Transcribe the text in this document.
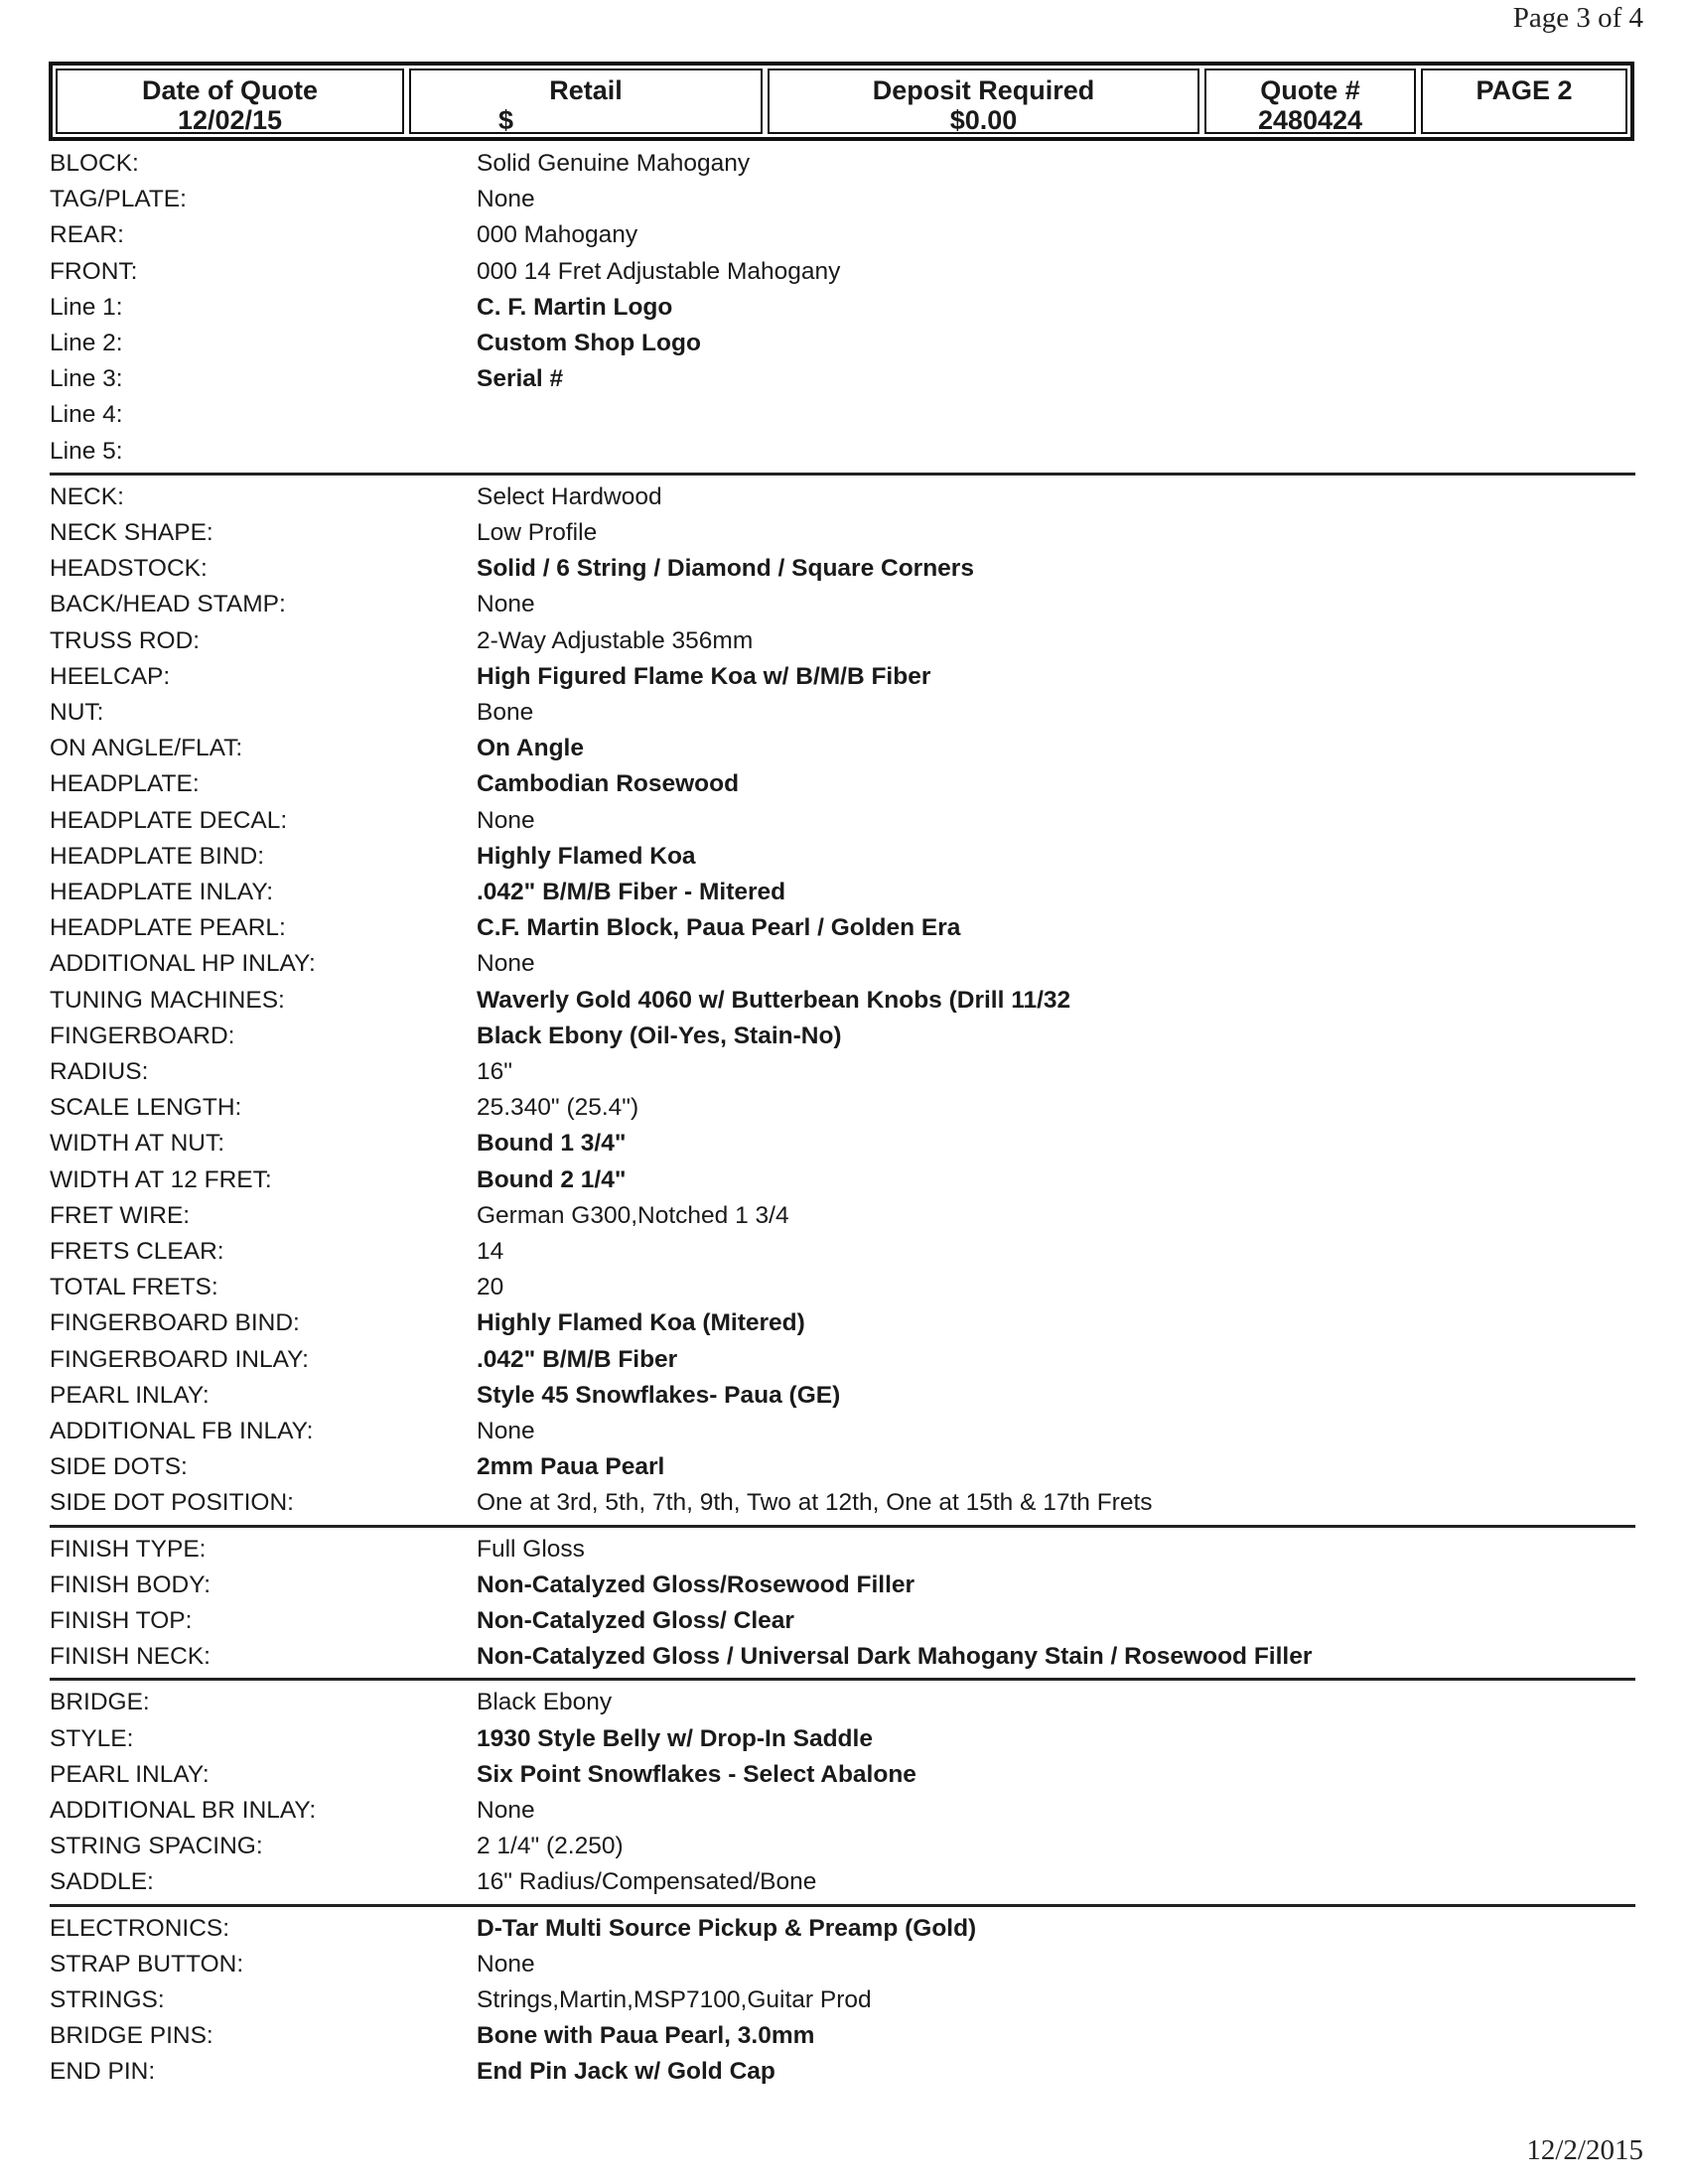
Page 3 of 4
Date of Quote
12/02/15
Retail
$
Deposit Required
$0.00
Quote #
2480424
PAGE 2
BLOCK:	Solid Genuine Mahogany
TAG/PLATE:	None
REAR:	000 Mahogany
FRONT:	000 14 Fret Adjustable Mahogany
Line 1:	C. F. Martin Logo
Line 2:	Custom Shop Logo
Line 3:	Serial #
Line 4:
Line 5:
NECK:	Select Hardwood
NECK SHAPE:	Low Profile
HEADSTOCK:	Solid / 6 String / Diamond / Square Corners
BACK/HEAD STAMP:	None
TRUSS ROD:	2-Way Adjustable 356mm
HEELCAP:	High Figured Flame Koa w/ B/M/B Fiber
NUT:	Bone
ON ANGLE/FLAT:	On Angle
HEADPLATE:	Cambodian Rosewood
HEADPLATE DECAL:	None
HEADPLATE BIND:	Highly Flamed Koa
HEADPLATE INLAY:	.042" B/M/B Fiber - Mitered
HEADPLATE PEARL:	C.F. Martin Block, Paua Pearl / Golden Era
ADDITIONAL HP INLAY:	None
TUNING MACHINES:	Waverly Gold 4060 w/ Butterbean Knobs (Drill 11/32
FINGERBOARD:	Black Ebony (Oil-Yes, Stain-No)
RADIUS:	16"
SCALE LENGTH:	25.340" (25.4")
WIDTH AT NUT:	Bound 1 3/4"
WIDTH AT 12 FRET:	Bound 2 1/4"
FRET WIRE:	German G300,Notched 1 3/4
FRETS CLEAR:	14
TOTAL FRETS:	20
FINGERBOARD BIND:	Highly Flamed Koa (Mitered)
FINGERBOARD INLAY:	.042" B/M/B Fiber
PEARL INLAY:	Style 45 Snowflakes- Paua (GE)
ADDITIONAL FB INLAY:	None
SIDE DOTS:	2mm Paua Pearl
SIDE DOT POSITION:	One at 3rd, 5th, 7th, 9th, Two at 12th, One at 15th & 17th Frets
FINISH TYPE:	Full Gloss
FINISH BODY:	Non-Catalyzed Gloss/Rosewood Filler
FINISH TOP:	Non-Catalyzed Gloss/ Clear
FINISH NECK:	Non-Catalyzed Gloss / Universal Dark Mahogany Stain / Rosewood Filler
BRIDGE:	Black Ebony
STYLE:	1930 Style Belly w/ Drop-In Saddle
PEARL INLAY:	Six Point Snowflakes - Select Abalone
ADDITIONAL BR INLAY:	None
STRING SPACING:	2 1/4" (2.250)
SADDLE:	16" Radius/Compensated/Bone
ELECTRONICS:	D-Tar Multi Source Pickup & Preamp (Gold)
STRAP BUTTON:	None
STRINGS:	Strings,Martin,MSP7100,Guitar Prod
BRIDGE PINS:	Bone with Paua Pearl, 3.0mm
END PIN:	End Pin Jack w/ Gold Cap
12/2/2015
